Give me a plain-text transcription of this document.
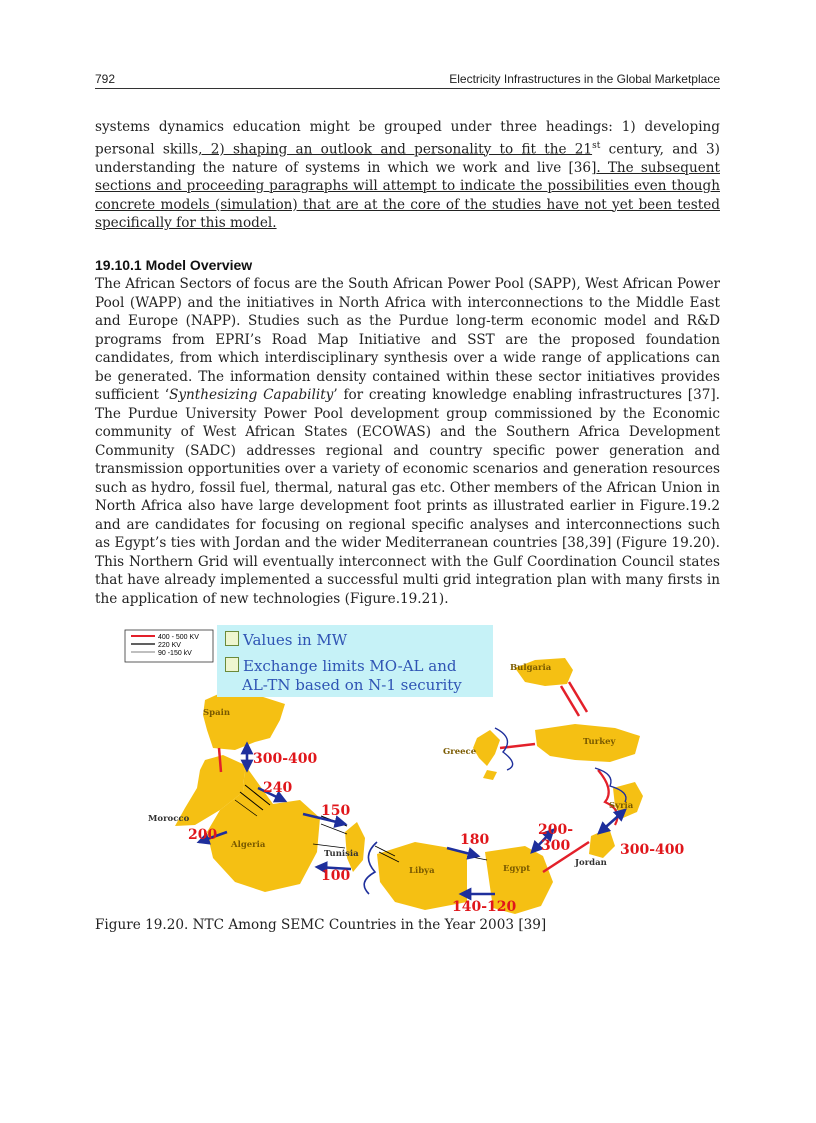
792	Electricity Infrastructures in the Global Marketplace
systems dynamics education might be grouped under three headings: 1) developing personal skills, 2) shaping an outlook and personality to fit the 21st century, and 3) understanding the nature of systems in which we work and live [36]. The subsequent sections and proceeding paragraphs will attempt to indicate the possibilities even though concrete models (simulation) that are at the core of the studies have not yet been tested specifically for this model.
19.10.1 Model Overview
The African Sectors of focus are the South African Power Pool (SAPP), West African Power Pool (WAPP) and the initiatives in North Africa with interconnections to the Middle East and Europe (NAPP). Studies such as the Purdue long-term economic model and R&D programs from EPRI’s Road Map Initiative and SST are the proposed foundation candidates, from which interdisciplinary synthesis over a wide range of applications can be generated. The information density contained within these sector initiatives provides sufficient ‘Synthesizing Capability’ for creating knowledge enabling infrastructures [37]. The Purdue University Power Pool development group commissioned by the Economic community of West African States (ECOWAS) and the Southern Africa Development Community (SADC) addresses regional and country specific power generation and transmission opportunities over a variety of economic scenarios and generation resources such as hydro, fossil fuel, thermal, natural gas etc. Other members of the African Union in North Africa also have large development foot prints as illustrated earlier in Figure.19.2 and are candidates for focusing on regional specific analyses and interconnections such as Egypt’s ties with Jordan and the wider Mediterranean countries [38,39] (Figure 19.20). This Northern Grid will eventually interconnect with the Gulf Coordination Council states that have already implemented a successful multi grid integration plan with many firsts in the application of new technologies (Figure.19.21).
400 - 500 KV
220 KV
90 -150 kV
Spain
Bulgaria
Greece
Turkey
Syria
Morocco
Algeria
Tunisia
Libya	Egypt
Jordan
300-400
240
200
150
100
180
140-120
200-
300	300-400
Values in MW
Exchange limits MO-AL and
AL-TN based on N-1 security
Figure 19.20. NTC Among SEMC Countries in the Year 2003 [39]
